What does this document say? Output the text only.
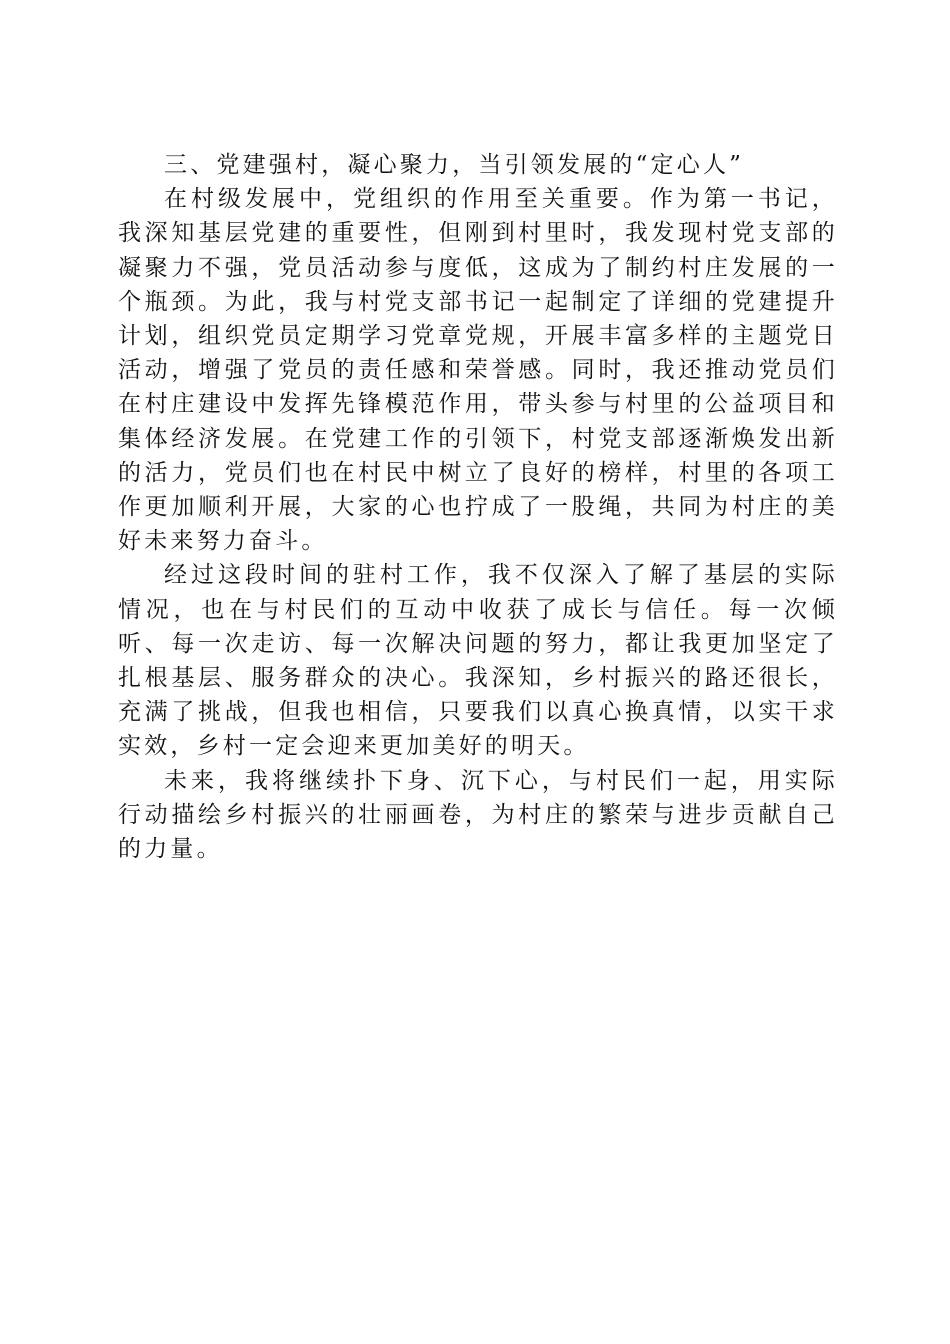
三、党建强村，凝心聚力，当引领发展的“定心人”

在村级发展中，党组织的作用至关重要。作为第一书记，我深知基层党建的重要性，但刚到村里时，我发现村党支部的凝聚力不强，党员活动参与度低，这成为了制约村庄发展的一个瓶颈。为此，我与村党支部书记一起制定了详细的党建提升计划，组织党员定期学习党章党规，开展丰富多样的主题党日活动，增强了党员的责任感和荣誉感。同时，我还推动党员们在村庄建设中发挥先锋模范作用，带头参与村里的公益项目和集体经济发展。在党建工作的引领下，村党支部逐渐焕发出新的活力，党员们也在村民中树立了良好的榜样，村里的各项工作更加顺利开展，大家的心也拧成了一股绳，共同为村庄的美好未来努力奋斗。

经过这段时间的驻村工作，我不仅深入了解了基层的实际情况，也在与村民们的互动中收获了成长与信任。每一次倾听、每一次走访、每一次解决问题的努力，都让我更加坚定了扎根基层、服务群众的决心。我深知，乡村振兴的路还很长，充满了挑战，但我也相信，只要我们以真心换真情，以实干求实效，乡村一定会迎来更加美好的明天。

未来，我将继续扑下身、沉下心，与村民们一起，用实际行动描绘乡村振兴的壮丽画卷，为村庄的繁荣与进步贡献自己的力量。
